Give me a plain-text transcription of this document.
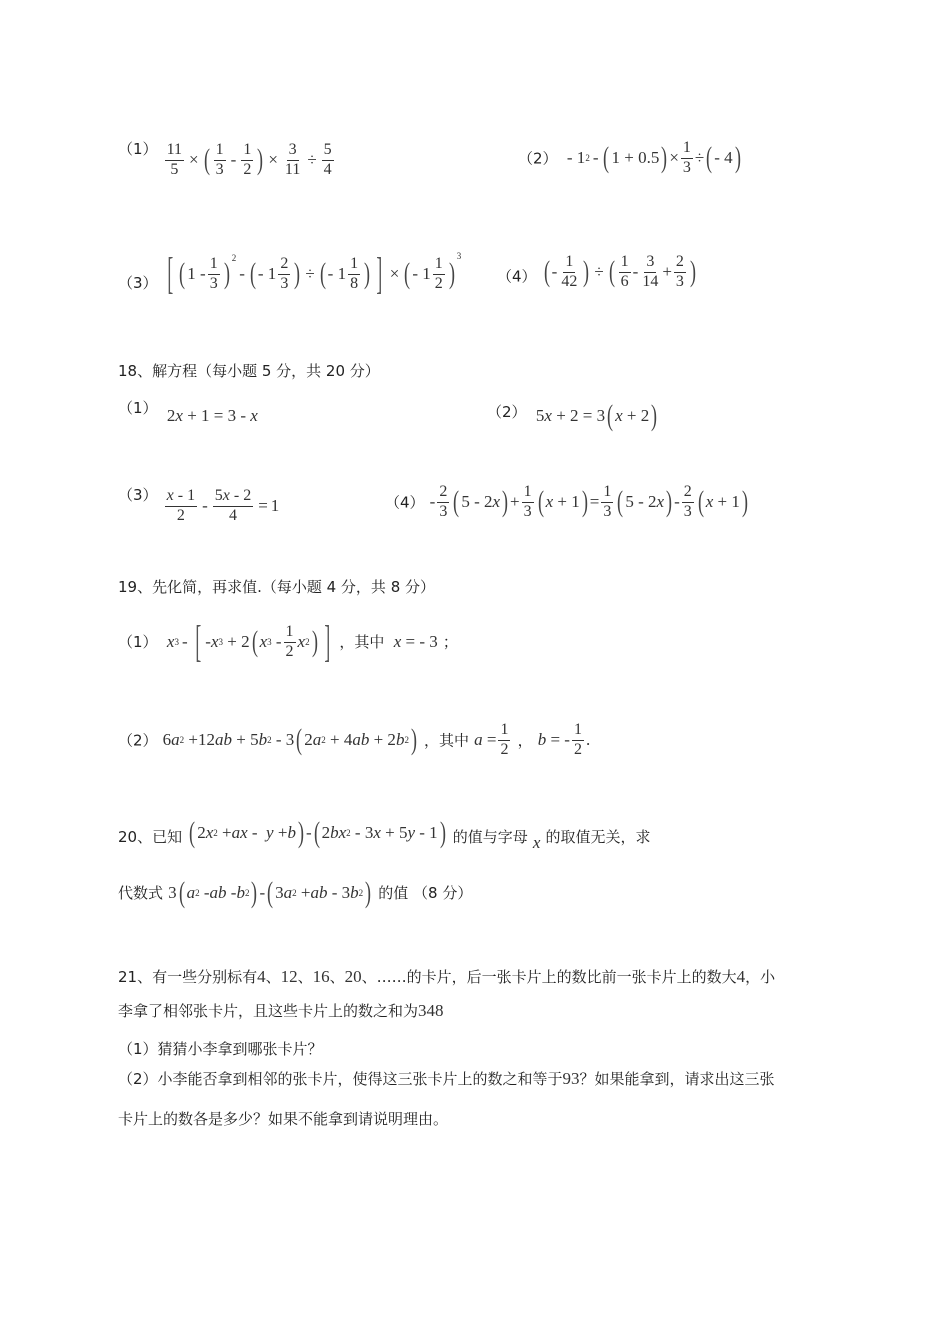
$(1) \frac{11}{5}$ × ( $\frac{1}{3} - \frac{1}{2}$ ) × $\frac{3}{11} \div \frac{5}{4}$	（2）  - 1 2 - ( 1 + 0.5 ) × $\frac{1}{3}$ ÷ ( - 4 )
（3） [ ( $1 - \frac{1}{3} )^2$
- ( - $1 \frac{2}{3}$ ) ÷ ( - $1 \frac{1}{8}$ ) ] × ( - $1 \frac{1}{2}$ )
$^3$
（4） ( - $\frac{1}{42}$ ) ÷ ( $\frac{1}{6} - \frac{3}{14} + \frac{2}{3}$ )
18、解方程（每小题 5 分，共 20 分）
（1）  2 x + 1 = 3 - x	（2）  5 x + 2 = 3 ( x + 2 )
$(3) \frac{x - 1}{2} - \frac{5x - 2}{4} = 1$	$(4) - \frac{2}{3}$ ( 5 - 2 x ) + $\frac{1}{3}$ ( x + 1 ) = $\frac{1}{3}$ ( 5 - 2 x ) - $\frac{2}{3}$ ( x + 1 )
19、先化简，再求值.（每小题 4 分，共 8 分）
（1） x 3 - [ - x 3 + 2 ( x $3 - \frac{1}{2}$ x 2 ) ] ，其中 x = - 3 ；
（2） 6 a 2 +12 ab + 5 b 2 - 3 ( 2 a 2 + 4 ab + 2 b 2 ) ，其中 $a = \frac{1}{2}$ ， b = - $\frac{1}{2}$ .
20、已知 ( 2 x 2 + ax - y + b ) - ( 2 bx 2 - 3 x + 5 y - 1 ) 的值与字母 x 的取值无关，求
代数式 3 ( a 2 - ab - b 2 ) - ( 3 a 2 + ab - 3 b 2 ) 的值 （8 分）
21、有一些分别标有4、12、16、20、……的卡片，后一张卡片上的数比前一张卡片上的数大4，小
李拿了相邻张卡片，且这些卡片上的数之和为348
（1）猜猜小李拿到哪张卡片？
（2）小李能否拿到相邻的张卡片，使得这三张卡片上的数之和等于93？如果能拿到，请求出这三张
卡片上的数各是多少？如果不能拿到请说明理由。
